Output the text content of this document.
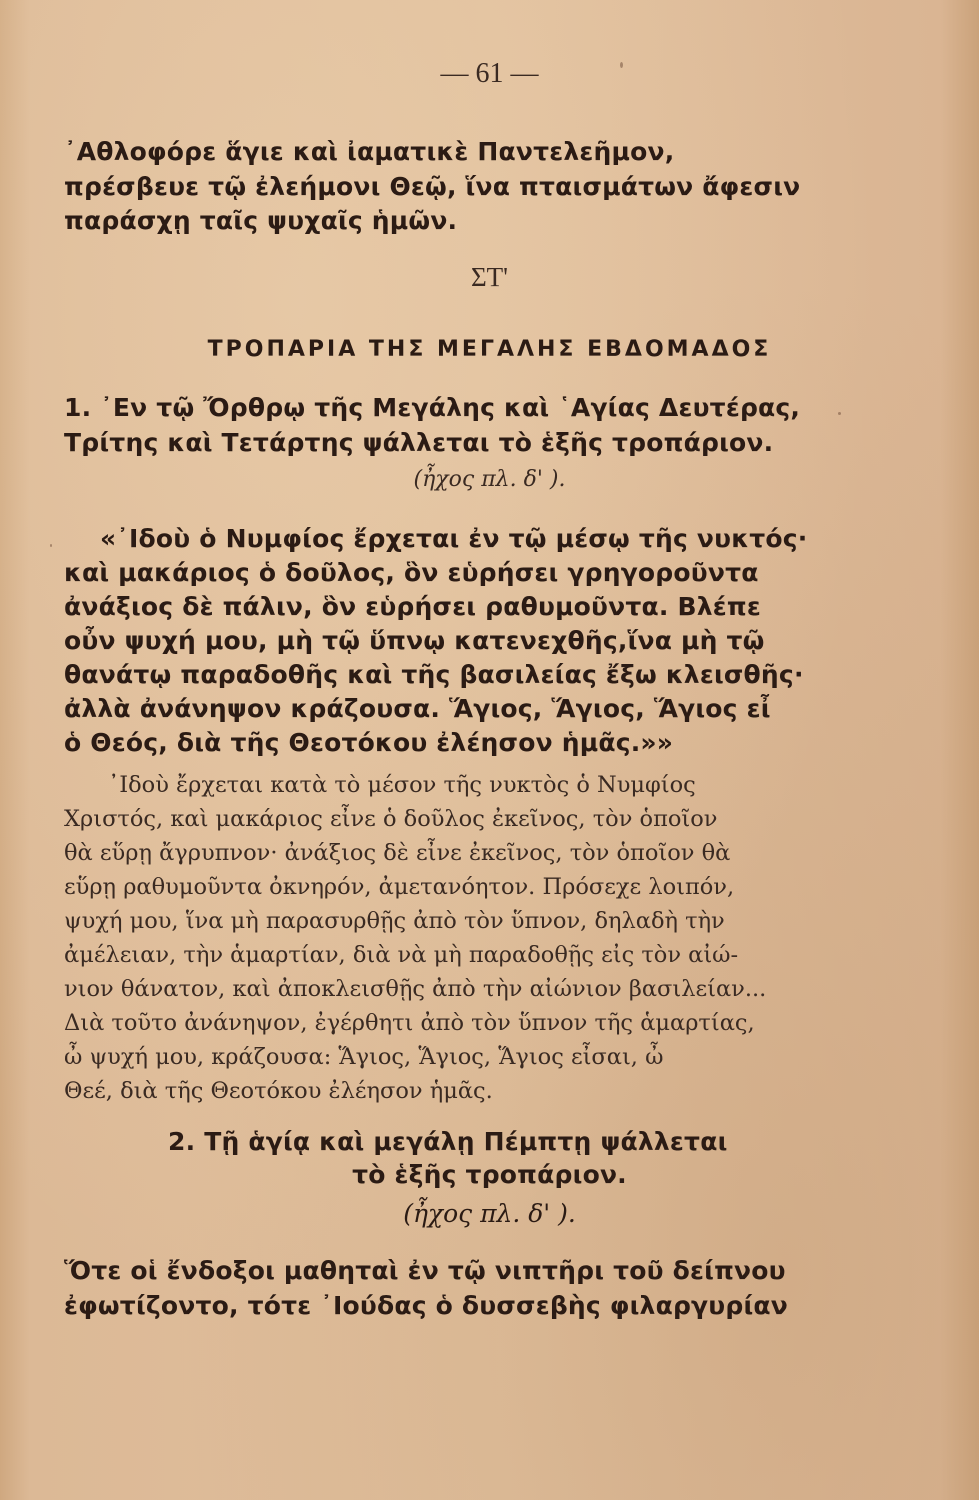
— 61 —

᾿Αθλοφόρε ἅγιε καὶ ἰαματικὲ Παντελεῆμον,

πρέσβευε τῷ ἐλεήμονι Θεῷ, ἵνα πταισμάτων ἄφεσιν

παράσχῃ ταῖς ψυχαῖς ἡμῶν.

ΣΤ'
ΤΡΟΠΑΡΙΑ ΤΗΣ ΜΕΓΑΛΗΣ ΕΒΔΟΜΑΔΟΣ

1. ᾿Εν τῷ Ὄρθρῳ τῆς Μεγάλης καὶ ῾Αγίας Δευτέρας,

Τρίτης καὶ Τετάρτης ψάλλεται τὸ ἑξῆς τροπάριον.

(ἦχος πλ. δ' ).

«᾿Ιδοὺ ὁ Νυμφίος ἔρχεται ἐν τῷ μέσῳ τῆς νυκτός·

καὶ μακάριος ὁ δοῦλος, ὃν εὑρήσει γρηγοροῦντα

ἀνάξιος δὲ πάλιν, ὃν εὑρήσει ραθυμοῦντα. Βλέπε

οὖν ψυχή μου, μὴ τῷ ὕπνῳ κατενεχθῆς,ἵνα μὴ τῷ

θανάτῳ παραδοθῆς καὶ τῆς βασιλείας ἔξω κλεισθῆς·

ἀλλὰ ἀνάνηψον κράζουσα. Ἅγιος, Ἅγιος, Ἅγιος εἶ

ὁ Θεός, διὰ τῆς Θεοτόκου ἐλέησον ἡμᾶς.»»

᾿Ιδοὺ ἔρχεται κατὰ τὸ μέσον τῆς νυκτὸς ὁ Νυμφίος

Χριστός, καὶ μακάριος εἶνε ὁ δοῦλος ἐκεῖνος, τὸν ὁποῖον

θὰ εὕρῃ ἄγρυπνον· ἀνάξιος δὲ εἶνε ἐκεῖνος, τὸν ὁποῖον θὰ

εὕρῃ ραθυμοῦντα ὀκνηρόν, ἀμετανόητον. Πρόσεχε λοιπόν,

ψυχή μου, ἵνα μὴ παρασυρθῇς ἀπὸ τὸν ὕπνον, δηλαδὴ τὴν

ἀμέλειαν, τὴν ἁμαρτίαν, διὰ νὰ μὴ παραδοθῇς εἰς τὸν αἰώ-

νιον θάνατον, καὶ ἀποκλεισθῇς ἀπὸ τὴν αἰώνιον βασιλείαν...

Διὰ τοῦτο ἀνάνηψον, ἐγέρθητι ἀπὸ τὸν ὕπνον τῆς ἁμαρτίας,

ὦ ψυχή μου, κράζουσα: Ἅγιος, Ἅγιος, Ἅγιος εἶσαι, ὦ

Θεέ, διὰ τῆς Θεοτόκου ἐλέησον ἡμᾶς.

2. Τῇ ἁγίᾳ καὶ μεγάλῃ Πέμπτῃ ψάλλεται

τὸ ἑξῆς τροπάριον.
(ἦχος πλ. δ' ).

Ὅτε οἱ ἔνδοξοι μαθηταὶ ἐν τῷ νιπτῆρι τοῦ δείπνου

ἐφωτίζοντο, τότε ᾿Ιούδας ὁ δυσσεβὴς φιλαργυρίαν
